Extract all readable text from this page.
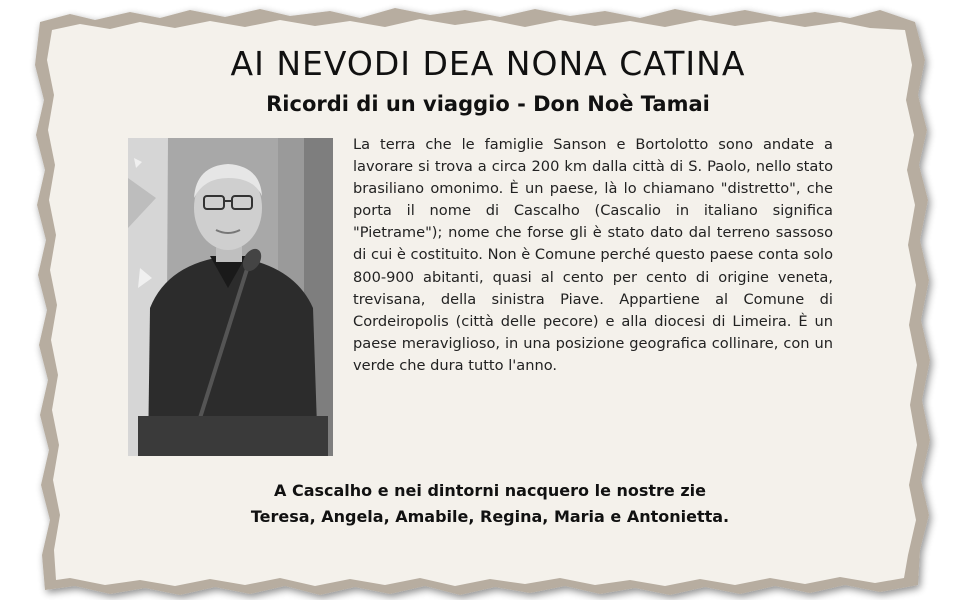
AI NEVODI DEA NONA CATINA
Ricordi di un viaggio - Don Noè Tamai

La terra che le famiglie Sanson e Bortolotto sono andate a lavorare si trova a circa 200 km dalla città di S. Paolo, nello stato brasiliano omonimo. È un paese, là lo chiamano "distretto", che porta il nome di Cascalho (Cascalio in italiano significa "Pietrame"); nome che forse gli è stato dato dal terreno sassoso di cui è costituito. Non è Comune perché questo paese conta solo 800-900 abitanti, quasi al cento per cento di origine veneta, trevisana, della sinistra Piave. Appartiene al Comune di Cordeiropolis (città delle pecore) e alla diocesi di Limeira. È un paese meraviglioso, in una posizione geografica collinare, con un verde che dura tutto l'anno.

A Cascalho e nei dintorni nacquero le nostre zie
Teresa, Angela, Amabile, Regina, Maria e Antonietta.
